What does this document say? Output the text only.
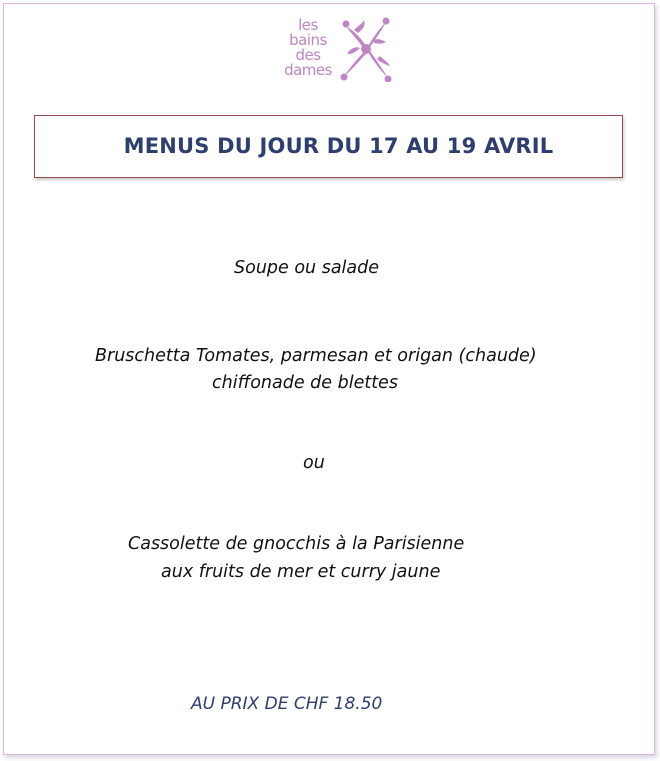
les
bains
des
dames
MENUS DU JOUR DU 17 AU 19 AVRIL
Soupe ou salade
Bruschetta Tomates, parmesan et origan (chaude)
chiffonade de blettes
ou
Cassolette de gnocchis à la Parisienne
aux fruits de mer et curry jaune
AU PRIX DE CHF 18.50
